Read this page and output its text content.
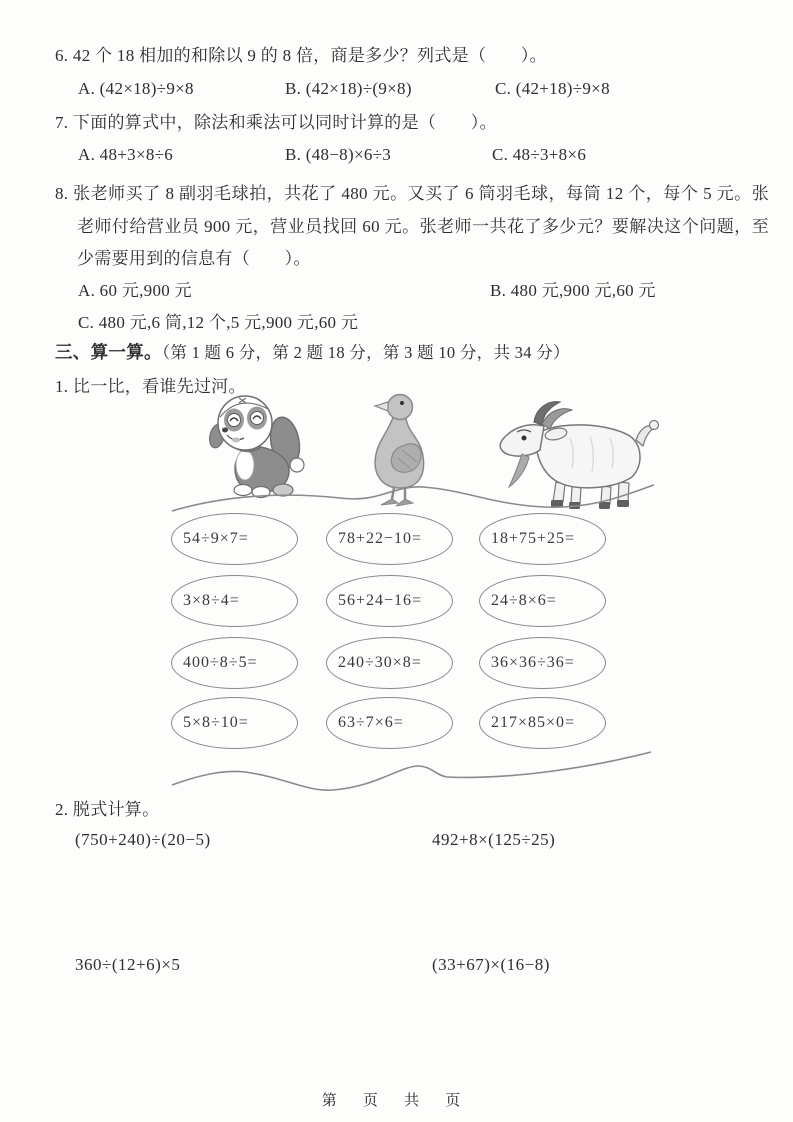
6. 42 个 18 相加的和除以 9 的 8 倍，商是多少？列式是（　　）。
A. (42×18)÷9×8	B. (42×18)÷(9×8)	C. (42+18)÷9×8
7. 下面的算式中，除法和乘法可以同时计算的是（　　）。
A. 48+3×8÷6	B. (48−8)×6÷3	C. 48÷3+8×6
8. 张老师买了 8 副羽毛球拍，共花了 480 元。又买了 6 筒羽毛球，每筒 12 个，每个 5 元。张老师付给营业员 900 元，营业员找回 60 元。张老师一共花了多少元？要解决这个问题，至少需要用到的信息有（　　）。
A. 60 元,900 元	B. 480 元,900 元,60 元
C. 480 元,6 筒,12 个,5 元,900 元,60 元
三、算一算。（第 1 题 6 分，第 2 题 18 分，第 3 题 10 分，共 34 分）
1. 比一比，看谁先过河。
54÷9×7=	78+22−10=	18+75+25=
3×8÷4=	56+24−16=	24÷8×6=
400÷8÷5=	240÷30×8=	36×36÷36=
5×8÷10=	63÷7×6=	217×85×0=
2. 脱式计算。
(750+240)÷(20−5)	492+8×(125÷25)
360÷(12+6)×5	(33+67)×(16−8)
第 页 共 页
